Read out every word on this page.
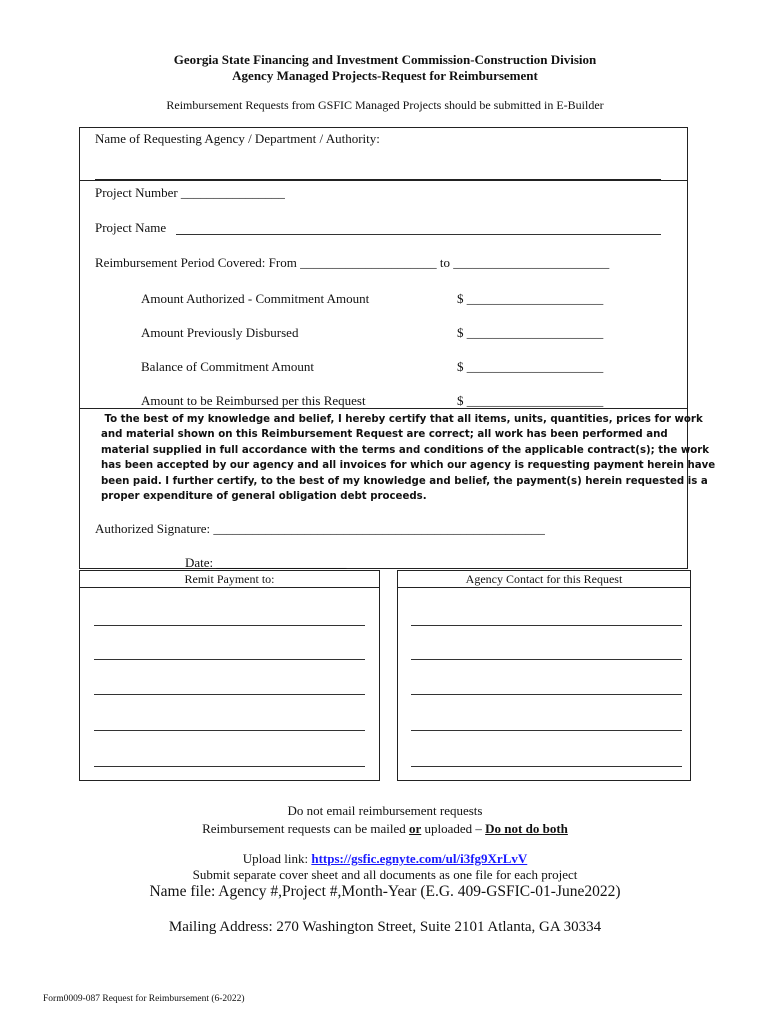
Georgia State Financing and Investment Commission-Construction Division
Agency Managed Projects-Request for Reimbursement
Reimbursement Requests from GSFIC Managed Projects should be submitted in E-Builder
Name of Requesting Agency / Department / Authority:
Project Number ________________
Project Name
Reimbursement Period Covered: From _____________________ to ________________________
Amount Authorized - Commitment Amount	$ _____________________
Amount Previously Disbursed	$ _____________________
Balance of Commitment Amount	$ _____________________
Amount to be Reimbursed per this Request	$ _____________________
To the best of my knowledge and belief, I hereby certify that all items, units, quantities, prices for work
and material shown on this Reimbursement Request are correct; all work has been performed and
material supplied in full accordance with the terms and conditions of the applicable contract(s); the work
has been accepted by our agency and all invoices for which our agency is requesting payment herein have
been paid. I further certify, to the best of my knowledge and belief, the payment(s) herein requested is a
proper expenditure of general obligation debt proceeds.
Authorized Signature: ___________________________________________________
Date: ____________________
Remit Payment to:	Agency Contact for this Request
Do not email reimbursement requests
Reimbursement requests can be mailed or uploaded – Do not do both
Upload link: https://gsfic.egnyte.com/ul/i3fg9XrLvV
Submit separate cover sheet and all documents as one file for each project
Name file: Agency #,Project #,Month-Year (E.G. 409-GSFIC-01-June2022)
Mailing Address: 270 Washington Street, Suite 2101 Atlanta, GA 30334
Form0009-087 Request for Reimbursement (6-2022)
